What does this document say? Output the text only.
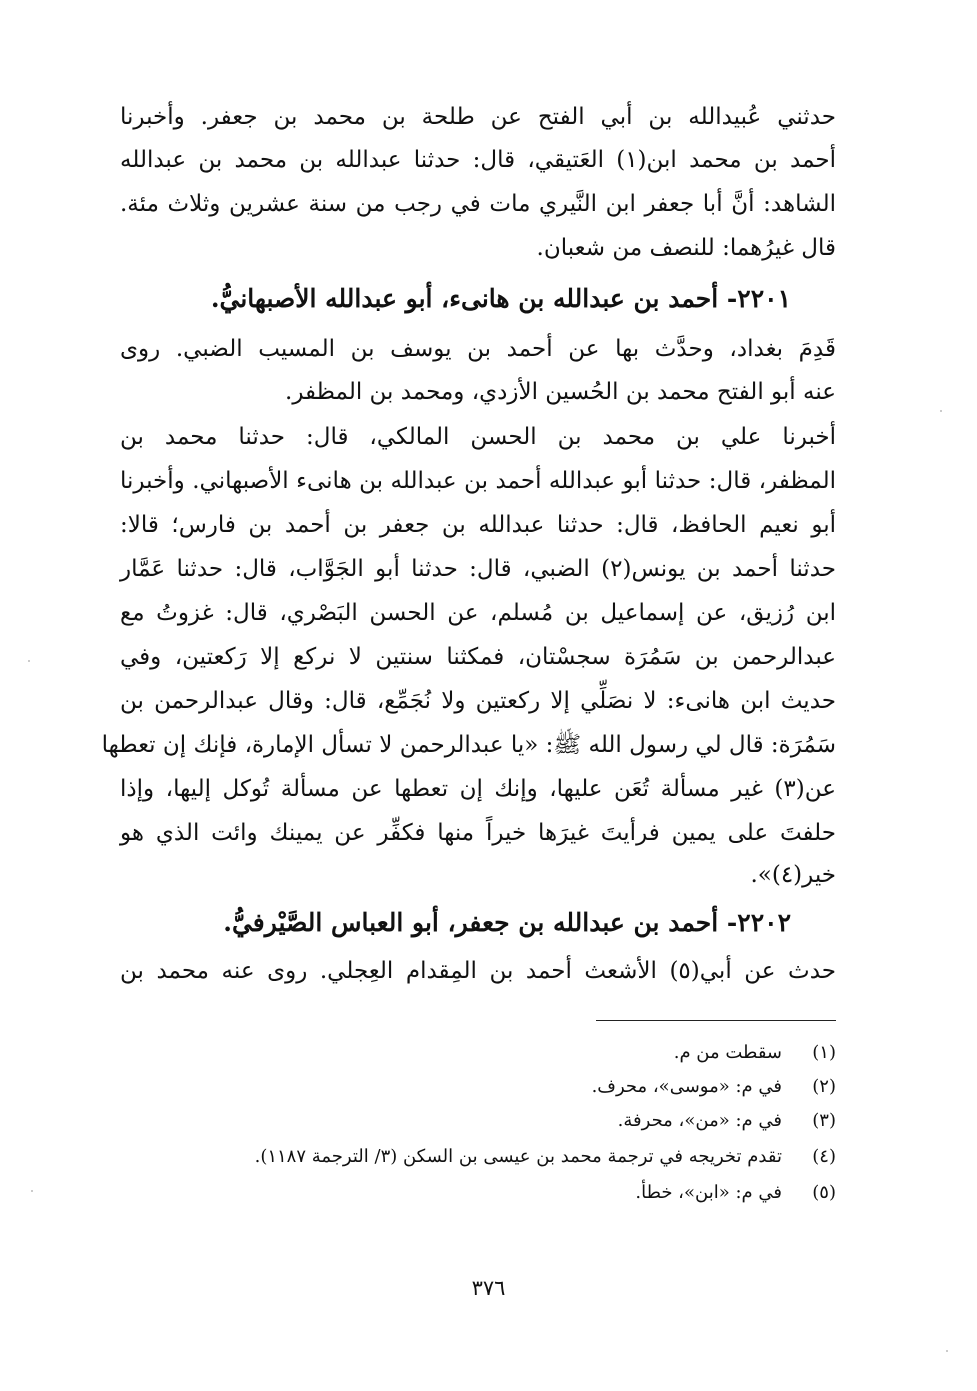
حدثني عُبيدالله بن أبي الفتح عن طلحة بن محمد بن جعفر. وأخبرنا
أحمد بن محمد ابن(١) العَتيقي، قال: حدثنا عبدالله بن محمد بن عبدالله
الشاهد: أنَّ أبا جعفر ابن النَّيري مات في رجب من سنة عشرين وثلاث مئة.
قال غيرُهما: للنصف من شعبان.
٢٢٠١- أحمد بن عبدالله بن هانىء، أبو عبدالله الأصبهانيُّ.
قَدِمَ بغداد، وحدَّث بها عن أحمد بن يوسف بن المسيب الضبي. روى
عنه أبو الفتح محمد بن الحُسين الأزدي، ومحمد بن المظفر.
أخبرنا علي بن محمد بن الحسن المالكي، قال: حدثنا محمد بن
المظفر، قال: حدثنا أبو عبدالله أحمد بن عبدالله بن هانىء الأصبهاني. وأخبرنا
أبو نعيم الحافظ، قال: حدثنا عبدالله بن جعفر بن أحمد بن فارس؛ قالا:
حدثنا أحمد بن يونس(٢) الضبي، قال: حدثنا أبو الجَوَّاب، قال: حدثنا عَمَّار
ابن رُزيق، عن إسماعيل بن مُسلم، عن الحسن البَصْري، قال: غزوتُ مع
عبدالرحمن بن سَمُرَة سجسْتان، فمكثنا سنتين لا نركع إلا رَكعتين، وفي
حديث ابن هانىء: لا نصَلِّي إلا ركعتين ولا نُجَمِّع، قال: وقال عبدالرحمن بن
سَمُرَة: قال لي رسول الله ﷺ: «يا عبدالرحمن لا تسأل الإمارة، فإنك إن تعطها
عن(٣) غير مسألة تُعَن عليها، وإنك إن تعطها عن مسألة تُوكل إليها، وإذا
حلفتَ على يمين فرأيتَ غيرَها خيراً منها فكفِّر عن يمينك وائت الذي هو
خير(٤)».
٢٢٠٢- أحمد بن عبدالله بن جعفر، أبو العباس الصَّيْرفيُّ.
حدث عن أبي(٥) الأشعث أحمد بن المِقدام العِجلي. روى عنه محمد بن
(١)
سقطت من م.
(٢)
في م: «موسى»، محرف.
(٣)
في م: «من»، محرفة.
(٤)
تقدم تخريجه في ترجمة محمد بن عيسى بن السكن (٣/ الترجمة ١١٨٧).
(٥)
في م: «ابن»، خطأ.
٣٧٦
